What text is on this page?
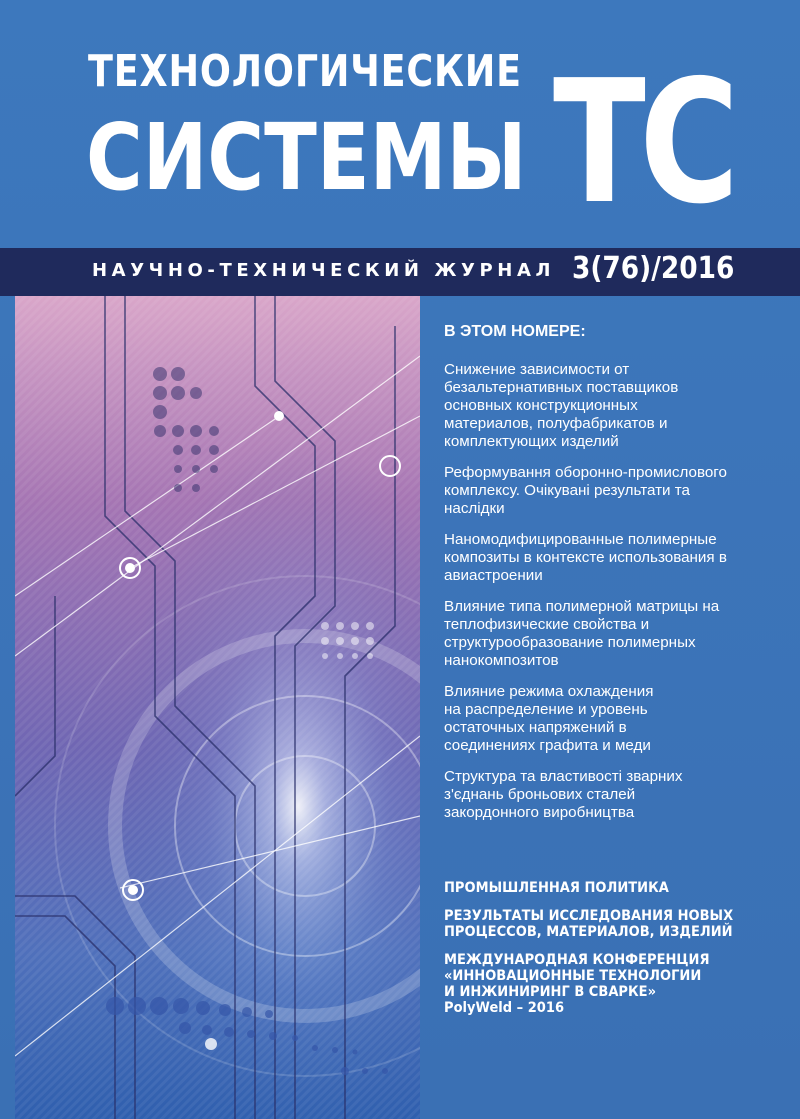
ТЕХНОЛОГИЧЕСКИЕ
СИСТЕМЫ ТС
НАУЧНО-ТЕХНИЧЕСКИЙ ЖУРНАЛ 3(76)/2016
В ЭТОМ НОМЕРЕ:
Снижение зависимости от
безальтернативных поставщиков
основных конструкционных
материалов, полуфабрикатов и
комплектующих изделий
Реформування оборонно-промислового
комплексу. Очікувані результати та
наслідки
Наномодифицированные полимерные
композиты в контексте использования в
авиастроении
Влияние типа полимерной матрицы на
теплофизические свойства и
структурообразование полимерных
нанокомпозитов
Влияние режима охлаждения
на распределение и уровень
остаточных напряжений в
соединениях графита и меди
Структура та властивості зварних
з'єднань броньових сталей
закордонного виробництва
ПРОМЫШЛЕННАЯ ПОЛИТИКА
РЕЗУЛЬТАТЫ ИССЛЕДОВАНИЯ НОВЫХ
ПРОЦЕССОВ, МАТЕРИАЛОВ, ИЗДЕЛИЙ
МЕЖДУНАРОДНАЯ КОНФЕРЕНЦИЯ
«ИННОВАЦИОННЫЕ ТЕХНОЛОГИИ
И ИНЖИНИРИНГ В СВАРКЕ»
PolyWeld – 2016
